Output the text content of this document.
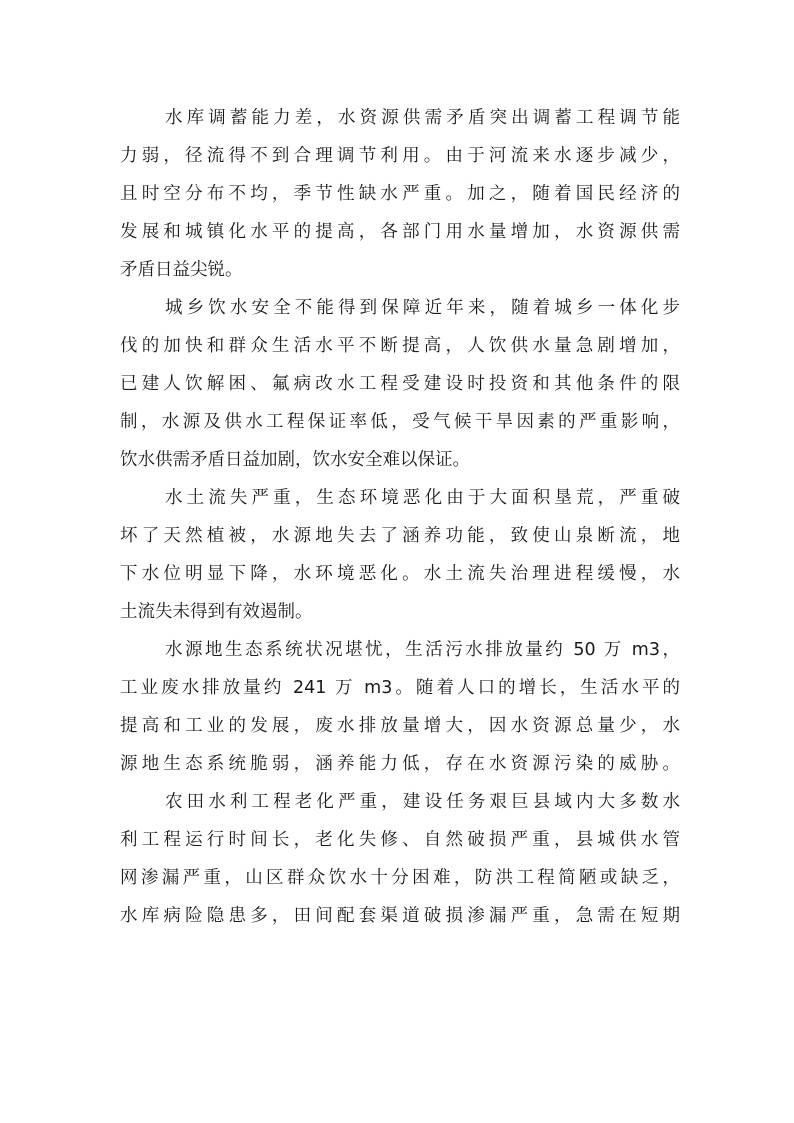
水库调蓄能力差，水资源供需矛盾突出调蓄工程调节能
力弱，径流得不到合理调节利用。由于河流来水逐步减少，
且时空分布不均，季节性缺水严重。加之，随着国民经济的
发展和城镇化水平的提高，各部门用水量增加，水资源供需
矛盾日益尖锐。
城乡饮水安全不能得到保障近年来，随着城乡一体化步
伐的加快和群众生活水平不断提高，人饮供水量急剧增加，
已建人饮解困、氟病改水工程受建设时投资和其他条件的限
制，水源及供水工程保证率低，受气候干旱因素的严重影响，
饮水供需矛盾日益加剧，饮水安全难以保证。
水土流失严重，生态环境恶化由于大面积垦荒，严重破
坏了天然植被，水源地失去了涵养功能，致使山泉断流，地
下水位明显下降，水环境恶化。水土流失治理进程缓慢，水
土流失未得到有效遏制。
水源地生态系统状况堪忧，生活污水排放量约 50 万 m3，
工业废水排放量约 241 万 m3。随着人口的增长，生活水平的
提高和工业的发展，废水排放量增大，因水资源总量少，水
源地生态系统脆弱，涵养能力低，存在水资源污染的威胁。
农田水利工程老化严重，建设任务艰巨县域内大多数水
利工程运行时间长，老化失修、自然破损严重，县城供水管
网渗漏严重，山区群众饮水十分困难，防洪工程简陋或缺乏，
水库病险隐患多，田间配套渠道破损渗漏严重，急需在短期
